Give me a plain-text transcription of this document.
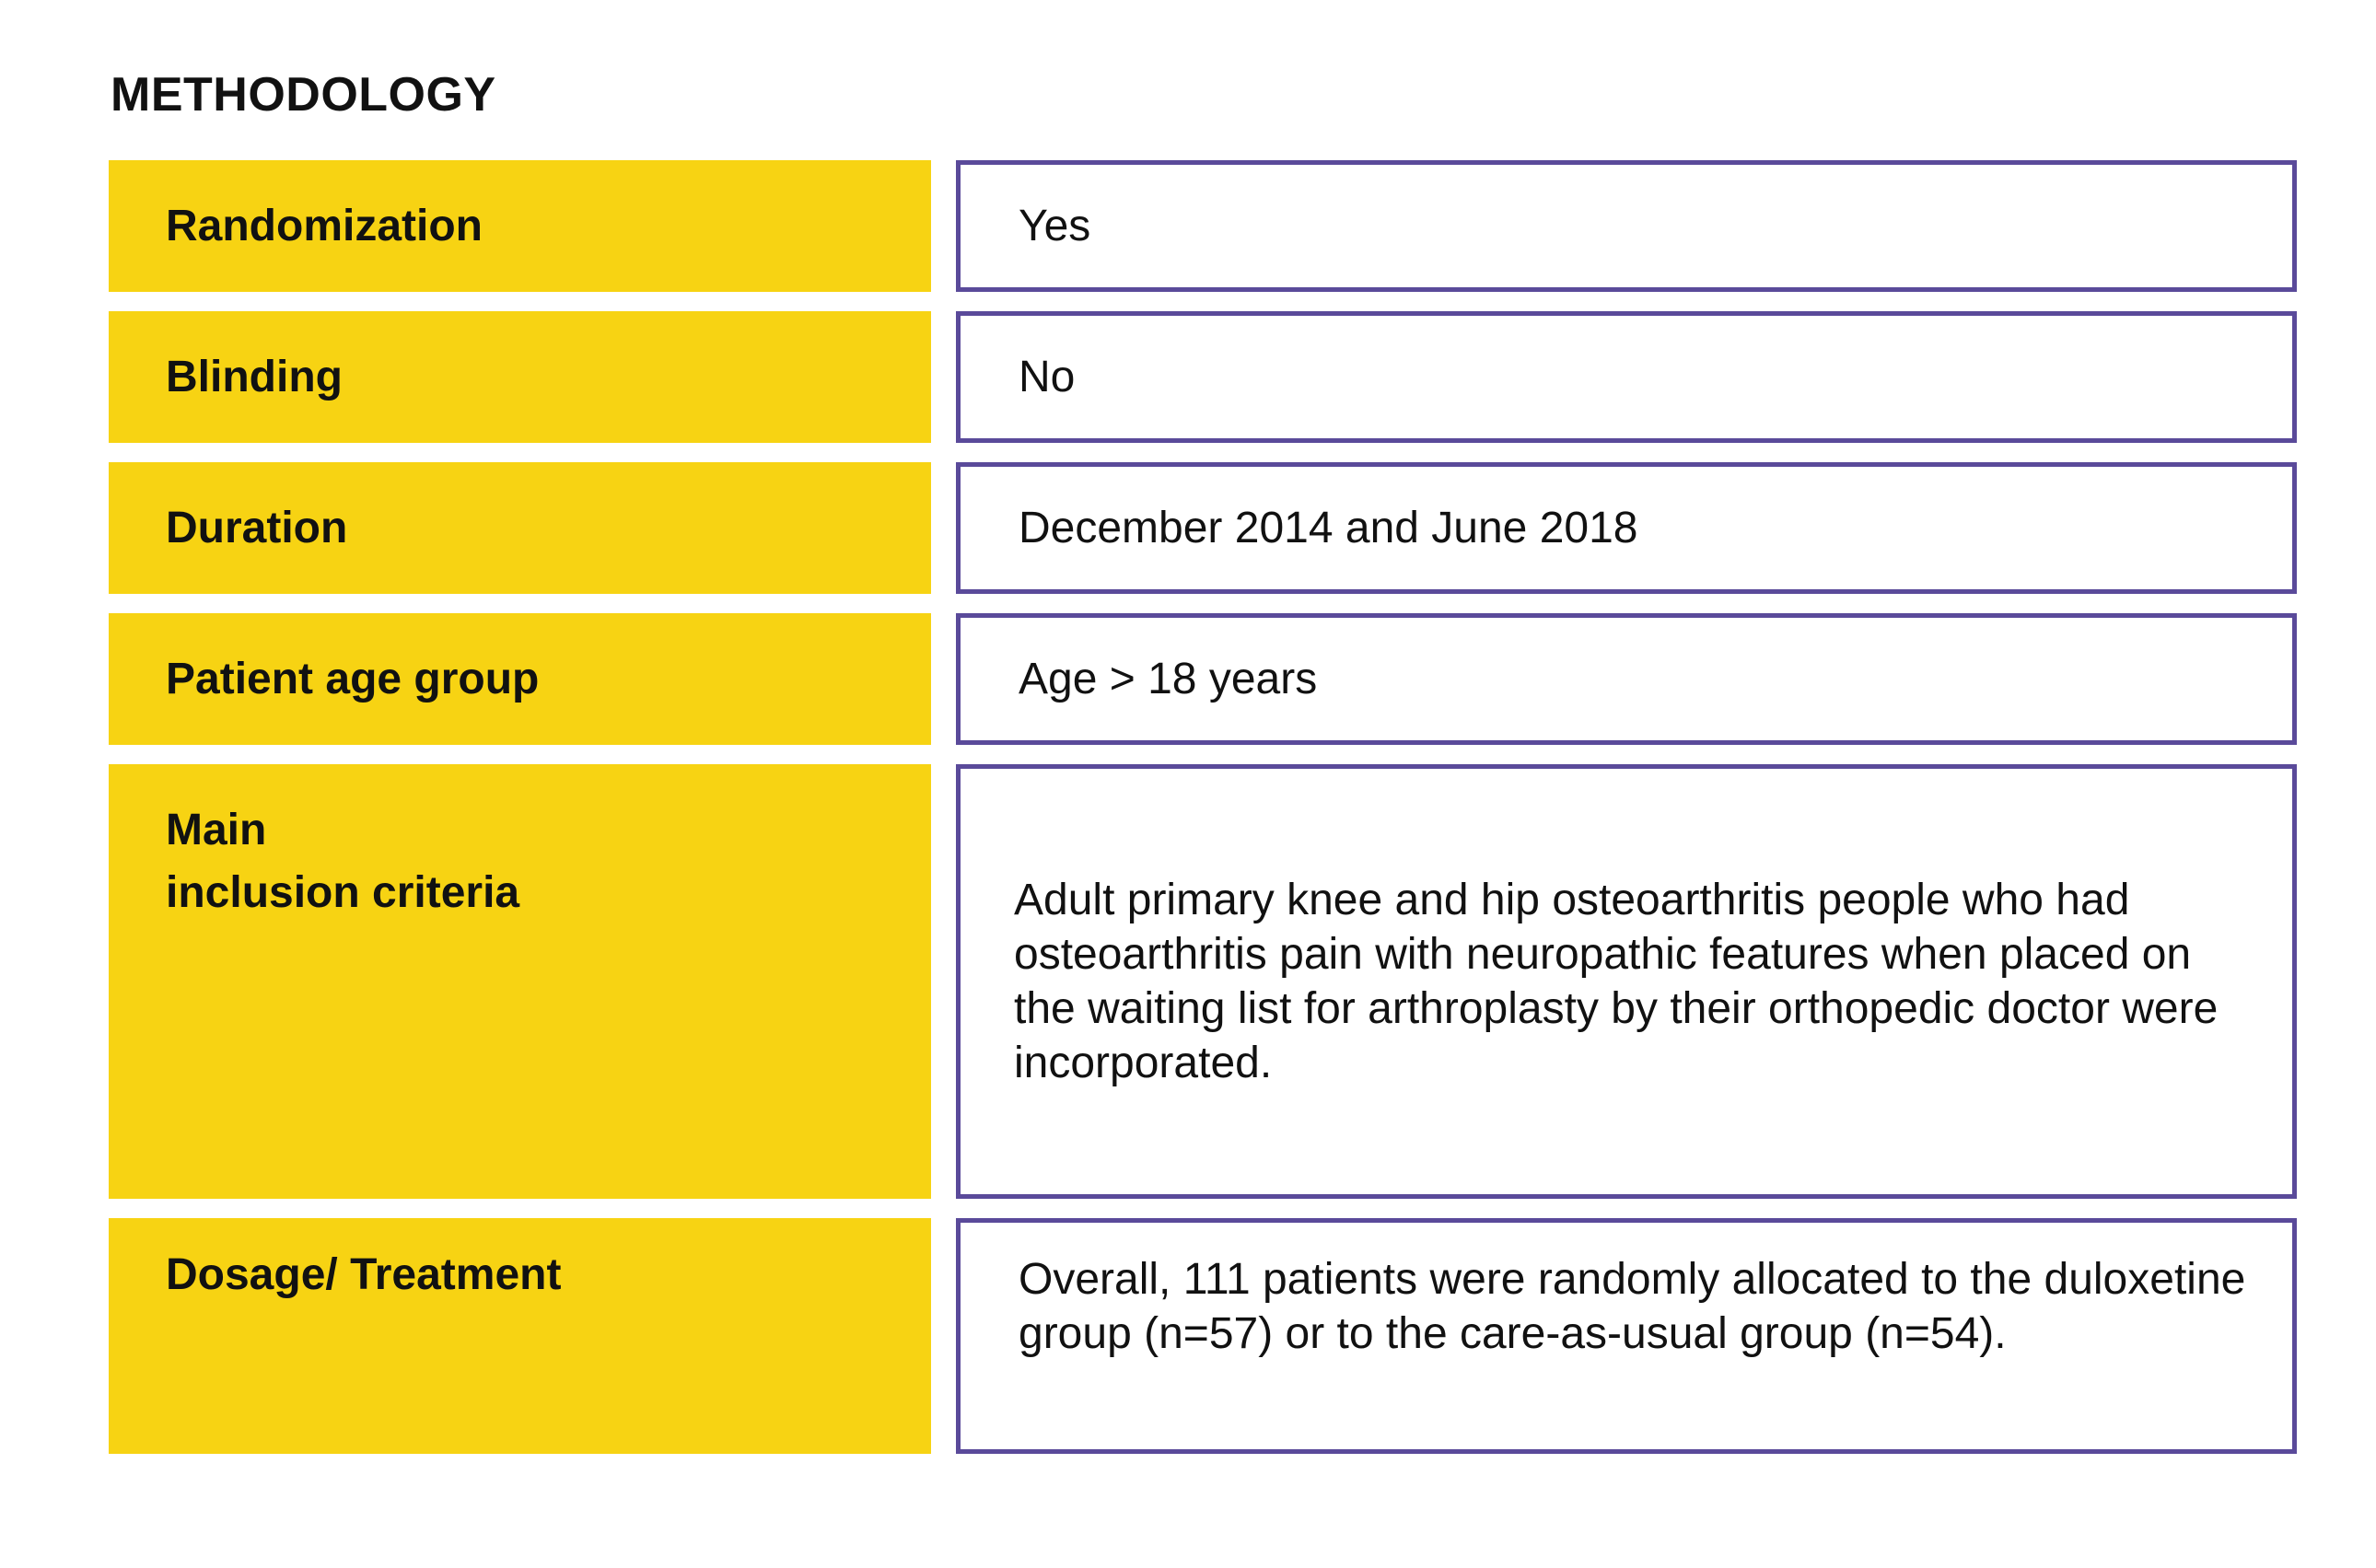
METHODOLOGY
Randomization	Yes
Blinding	No
Duration	December 2014 and June 2018
Patient age group	Age > 18 years
Main
inclusion criteria	Adult primary knee and hip osteoarthritis people who had osteoarthritis pain with neuropathic features when placed on the waiting list for arthroplasty by their orthopedic doctor were incorporated.
Dosage/ Treatment	Overall, 111 patients were randomly allocated to the duloxetine group (n=57) or to the care-as-usual group (n=54).
